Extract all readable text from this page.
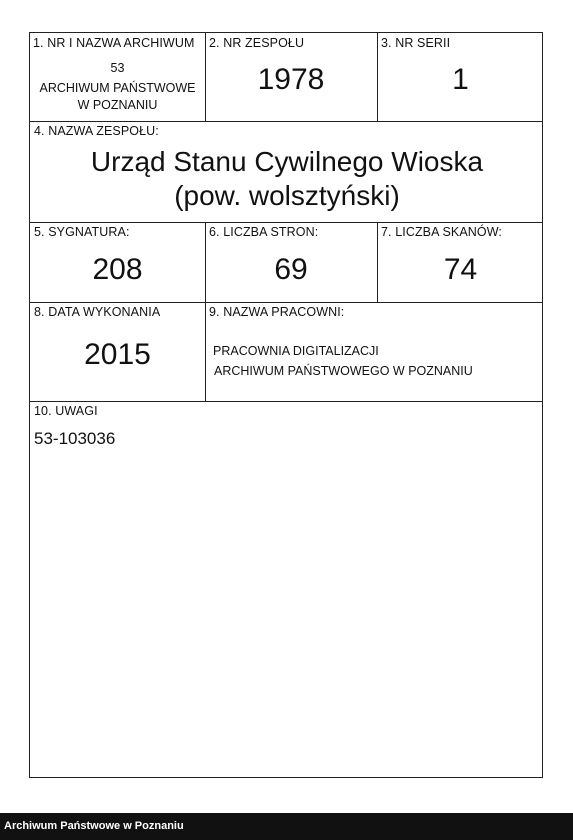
1. NR I NAZWA ARCHIWUM
53
ARCHIWUM PAŃSTWOWE
W POZNANIU
2. NR ZESPOŁU
1978
3. NR SERII
1
4. NAZWA ZESPOŁU:
Urząd Stanu Cywilnego Wioska
(pow. wolsztyński)
5. SYGNATURA:
208
6. LICZBA STRON:
69
7. LICZBA SKANÓW:
74
8. DATA WYKONANIA
2015
9. NAZWA PRACOWNI:
PRACOWNIA DIGITALIZACJI
ARCHIWUM PAŃSTWOWEGO W POZNANIU
10. UWAGI
53-103036
Archiwum Państwowe w Poznaniu
